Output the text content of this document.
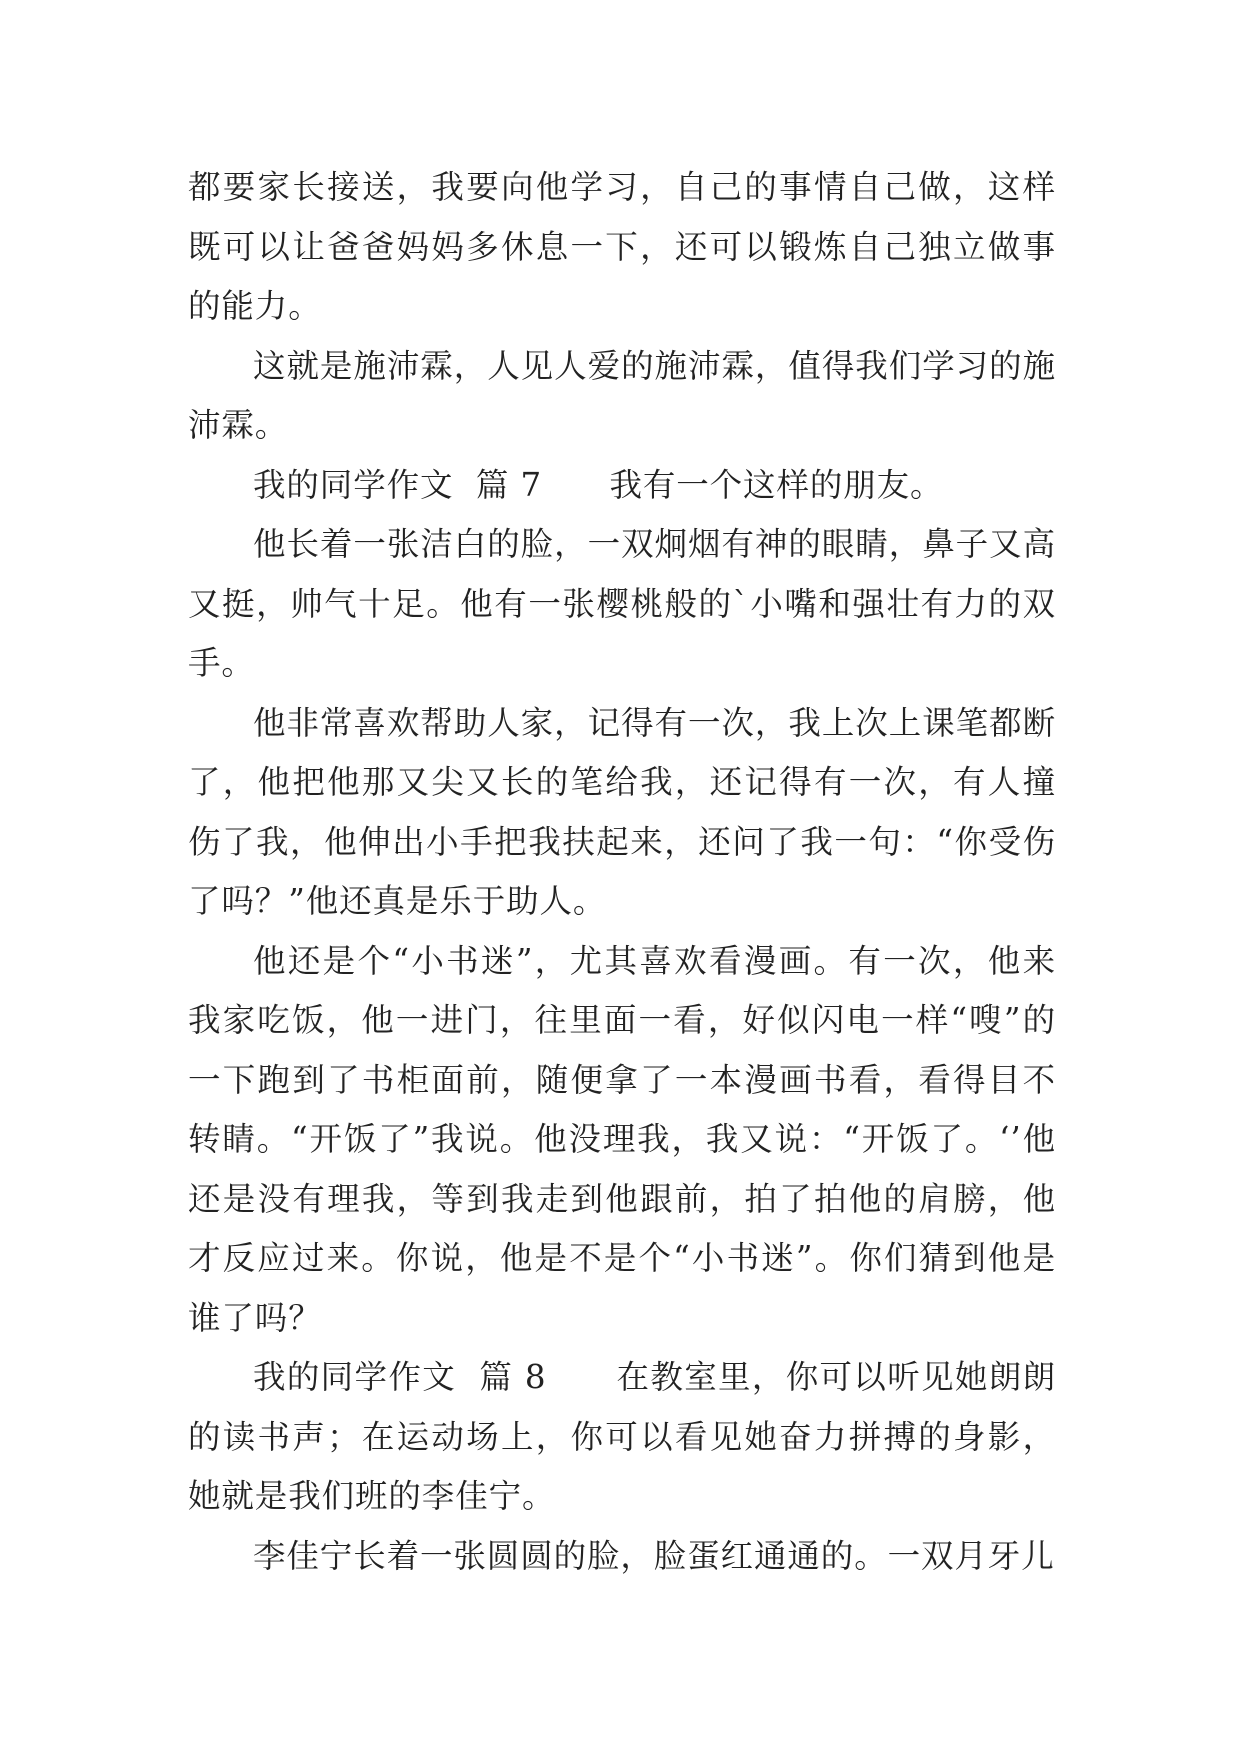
都要家长接送，我要向他学习，自己的事情自己做，这样既可以让爸爸妈妈多休息一下，还可以锻炼自己独立做事的能力。

这就是施沛霖，人见人爱的施沛霖，值得我们学习的施沛霖。

我的同学作文  篇 7      我有一个这样的朋友。

他长着一张洁白的脸，一双炯烟有神的眼睛，鼻子又高又挺，帅气十足。他有一张樱桃般的`小嘴和强壮有力的双手。

他非常喜欢帮助人家，记得有一次，我上次上课笔都断了，他把他那又尖又长的笔给我，还记得有一次，有人撞伤了我，他伸出小手把我扶起来，还问了我一句：“你受伤了吗？”他还真是乐于助人。

他还是个“小书迷”，尤其喜欢看漫画。有一次，他来我家吃饭，他一进门，往里面一看，好似闪电一样“嗖”的一下跑到了书柜面前，随便拿了一本漫画书看，看得目不转睛。“开饭了”我说。他没理我，我又说：“开饭了。‘’他还是没有理我，等到我走到他跟前，拍了拍他的肩膀，他才反应过来。你说，他是不是个“小书迷”。你们猜到他是谁了吗？

我的同学作文  篇 8      在教室里，你可以听见她朗朗的读书声；在运动场上，你可以看见她奋力拼搏的身影，她就是我们班的李佳宁。

李佳宁长着一张圆圆的脸，脸蛋红通通的。一双月牙儿
